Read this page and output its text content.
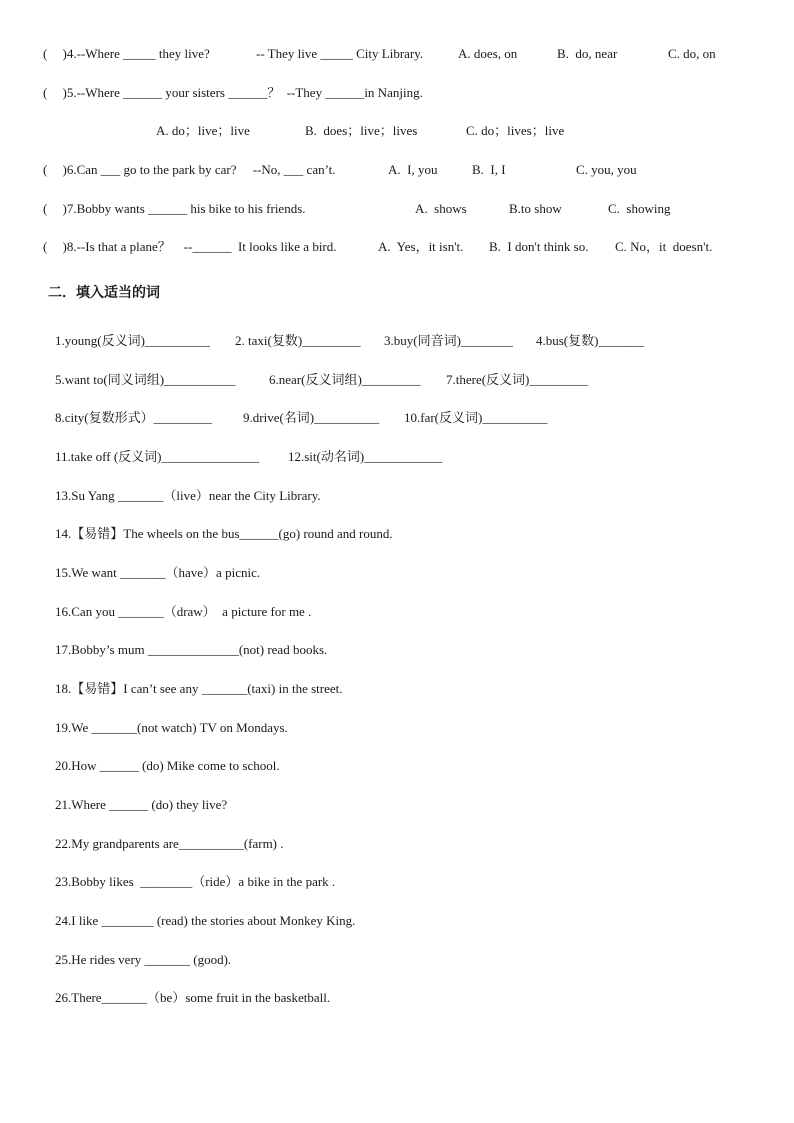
( )4.--Where _____ they live?	-- They live _____ City Library.	A. does, on	B.  do, near	C. do, on
( )5.--Where ______ your sisters ______？  --They ______in Nanjing.
A. do；live；live	B.  does；live；lives	C. do；lives；live
( )6.Can ___ go to the park by car?     --No, ___ can’t.	A.  I, you	B.  I, I	C. you, you
( )7.Bobby wants ______ his bike to his friends.	A.  shows	B.to show	C.  showing
( )8.--Is that a plane？    --______  It looks like a bird.	A.  Yes，it isn't. B.  I don't think so. C. No，it  doesn't.
二．填入适当的词
1.young(反义词)__________ 2. taxi(复数)_________ 3.buy(同音词)________ 4.bus(复数)_______
5.want to(同义词组)___________	6.near(反义词组)_________ 7.there(反义词)_________
8.city(复数形式）_________ 9.drive(名词)__________ 10.far(反义词)__________
11.take off (反义词)_______________ 12.sit(动名词)____________
13.Su Yang _______（live）near the City Library.
14.【易错】The wheels on the bus______(go) round and round.
15.We want _______（have）a picnic.
16.Can you _______（draw）  a picture for me .
17.Bobby’s mum ______________(not) read books.
18.【易错】I can’t see any _______(taxi) in the street.
19.We _______(not watch) TV on Mondays.
20.How ______ (do) Mike come to school.
21.Where ______ (do) they live?
22.My grandparents are__________(farm) .
23.Bobby likes  ________（ride）a bike in the park .
24.I like ________ (read) the stories about Monkey King.
25.He rides very _______ (good).
26.There_______（be）some fruit in the basketball.
